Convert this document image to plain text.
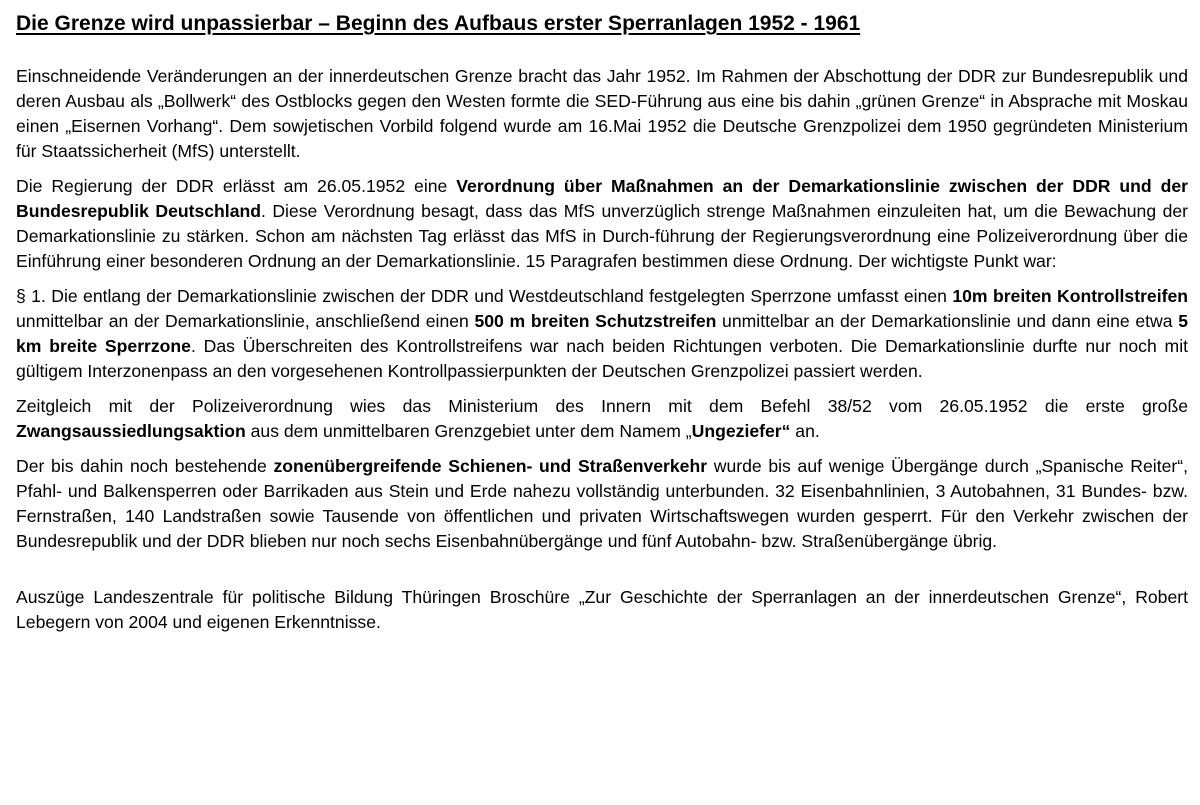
Die Grenze wird unpassierbar – Beginn des Aufbaus erster Sperranlagen 1952 - 1961

Einschneidende Veränderungen an der innerdeutschen Grenze bracht das Jahr 1952. Im Rahmen der Abschottung der DDR zur Bundesrepublik und deren Ausbau als „Bollwerk“ des Ostblocks gegen den Westen formte die SED-Führung aus eine bis dahin „grünen Grenze“ in Absprache mit Moskau einen „Eisernen Vorhang“. Dem sowjetischen Vorbild folgend wurde am 16.Mai 1952 die Deutsche Grenzpolizei dem 1950 gegründeten Ministerium für Staatssicherheit (MfS) unterstellt.

Die Regierung der DDR erlässt am 26.05.1952 eine Verordnung über Maßnahmen an der Demarkationslinie zwischen der DDR und der Bundesrepublik Deutschland. Diese Verordnung besagt, dass das MfS unverzüglich strenge Maßnahmen einzuleiten hat, um die Bewachung der Demarkationslinie zu stärken. Schon am nächsten Tag erlässt das MfS in Durch-führung der Regierungsverordnung eine Polizeiverordnung über die Einführung einer besonderen Ordnung an der Demarkationslinie. 15 Paragrafen bestimmen diese Ordnung. Der wichtigste Punkt war:

§ 1. Die entlang der Demarkationslinie zwischen der DDR und Westdeutschland festgelegten Sperrzone umfasst einen 10m breiten Kontrollstreifen unmittelbar an der Demarkationslinie, anschließend einen 500 m breiten Schutzstreifen unmittelbar an der Demarkationslinie und dann eine etwa 5 km breite Sperrzone. Das Überschreiten des Kontrollstreifens war nach beiden Richtungen verboten. Die Demarkationslinie durfte nur noch mit gültigem Interzonenpass an den vorgesehenen Kontrollpassierpunkten der Deutschen Grenzpolizei passiert werden.

Zeitgleich mit der Polizeiverordnung wies das Ministerium des Innern mit dem Befehl 38/52 vom 26.05.1952 die erste große Zwangsaussiedlungsaktion aus dem unmittelbaren Grenzgebiet unter dem Namem „Ungeziefer“ an.

Der bis dahin noch bestehende zonenübergreifende Schienen- und Straßenverkehr wurde bis auf wenige Übergänge durch „Spanische Reiter“, Pfahl- und Balkensperren oder Barrikaden aus Stein und Erde nahezu vollständig unterbunden. 32 Eisenbahnlinien, 3 Autobahnen, 31 Bundes- bzw. Fernstraßen, 140 Landstraßen sowie Tausende von öffentlichen und privaten Wirtschaftswegen wurden gesperrt. Für den Verkehr zwischen der Bundesrepublik und der DDR blieben nur noch sechs Eisenbahnübergänge und fünf Autobahn- bzw. Straßenübergänge übrig.

Auszüge Landeszentrale für politische Bildung Thüringen Broschüre „Zur Geschichte der Sperranlagen an der innerdeutschen Grenze“, Robert Lebegern von 2004 und eigenen Erkenntnisse.
